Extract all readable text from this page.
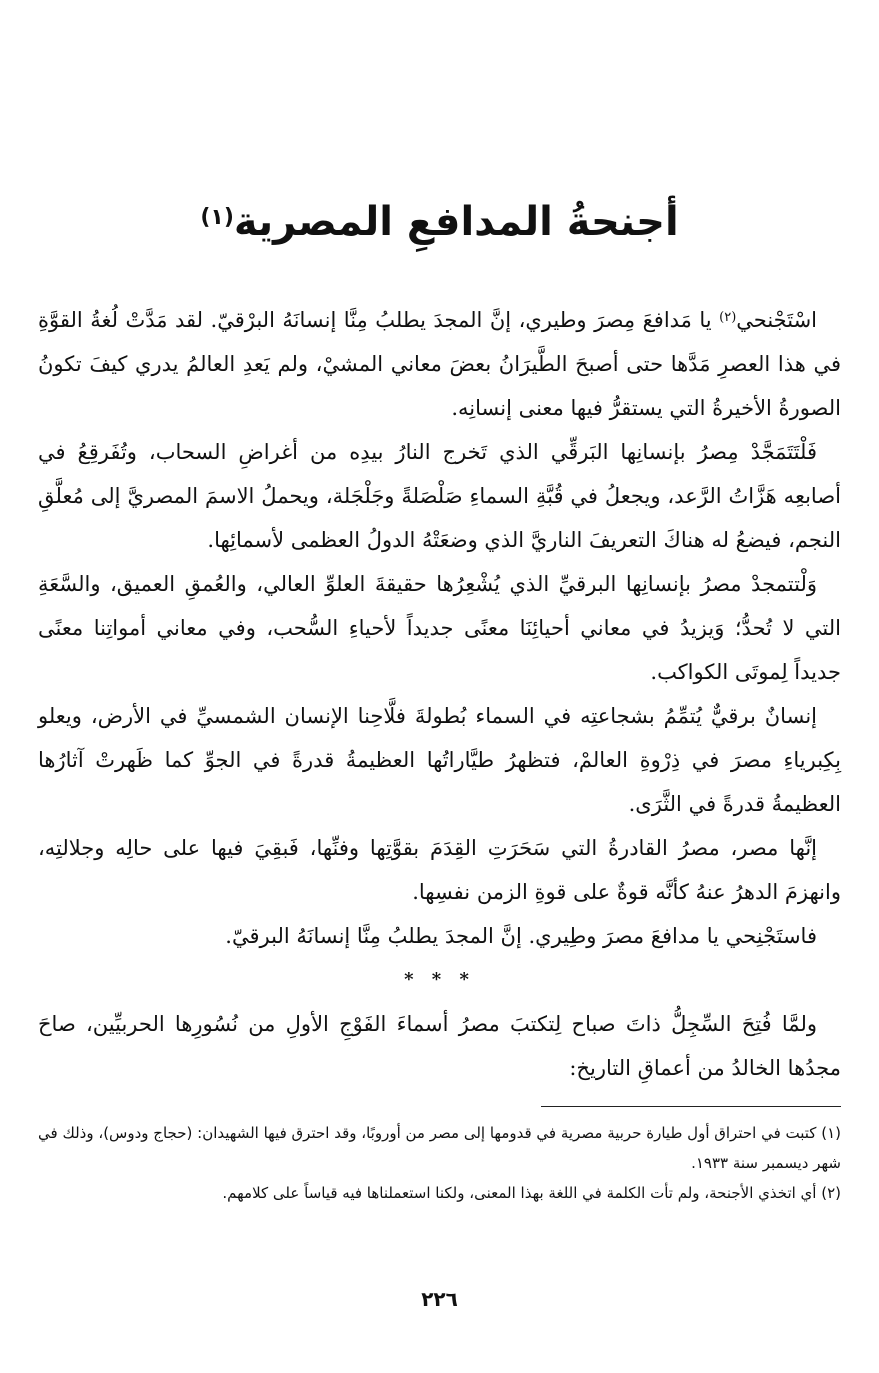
أجنحةُ المدافعِ المصرية$^{(١)}$

اسْتَجْنحي$^{(٢)}$ يا مَدافعَ مِصرَ وطيري، إنَّ المجدَ يطلبُ مِنَّا إنسانَهُ البرْقيّ. لقد مَدَّتْ لُغةُ القوَّةِ في هذا العصرِ مَدَّها حتى أصبحَ الطَّيرَانُ بعضَ معاني المشيْ، ولم يَعدِ العالمُ يدري كيفَ تكونُ الصورةُ الأخيرةُ التي يستقرُّ فيها معنى إنسانِه.

فَلْتَتَمَجَّدْ مِصرُ بإنسانِها البَرقِّي الذي تَخرج النارُ بيدِه من أغراضِ السحاب، وتُفَرقِعُ في أصابعِه هَزَّاتُ الرَّعد، ويجعلُ في قُبَّةِ السماءِ صَلْصَلةً وجَلْجَلة، ويحملُ الاسمَ المصريَّ إلى مُعلَّقِ النجم، فيضعُ له هناكَ التعريفَ الناريَّ الذي وضعَتْهُ الدولُ العظمى لأسمائِها.

وَلْتتمجدْ مصرُ بإنسانِها البرقيِّ الذي يُشْعِرُها حقيقةَ العلوِّ العالي، والعُمقِ العميق، والسَّعَةِ التي لا تُحدُّ؛ وَيزيدُ في معاني أحيائِنَا معنًى جديداً لأحياءِ السُّحب، وفي معاني أمواتِنا معنًى جديداً لِموتَى الكواكب.

إنسانٌ برقيٌّ يُتمِّمُ بشجاعتِه في السماء بُطولةَ فلَّاحِنا الإنسان الشمسيِّ في الأرض، ويعلو بِكِبرياءِ مصرَ في ذِرْوةِ العالمْ، فتظهرُ طيَّاراتُها العظيمةُ قدرةً في الجوِّ كما ظَهرتْ آثارُها العظيمةُ قدرةً في الثَّرَى.

إنَّها مصر، مصرُ القادرةُ التي سَحَرَتِ القِدَمَ بقوَّتِها وفنِّها، فَبقِيَ فيها على حالِه وجلالتِه، وانهزمَ الدهرُ عنهُ كأنَّه قوةٌ على قوةِ الزمن نفسِها.

فاستَجْنِحي يا مدافعَ مصرَ وطِيري. إنَّ المجدَ يطلبُ مِنَّا إنسانَهُ البرقيّ.

* * *

ولمَّا فُتِحَ السِّجِلُّ ذاتَ صباح لِتكتبَ مصرُ أسماءَ الفَوْجِ الأولِ من نُسُورِها الحربيِّين، صاحَ مجدُها الخالدُ من أعماقِ التاريخ:

(١) كتبت في احتراق أول طيارة حربية مصرية في قدومها إلى مصر من أوروبًا، وقد احترق فيها الشهيدان: (حجاج ودوس)، وذلك في شهر ديسمبر سنة ١٩٣٣.

(٢) أي اتخذي الأجنحة، ولم تأت الكلمة في اللغة بهذا المعنى، ولكنا استعملناها فيه قياساً على كلامهم.

٢٢٦
